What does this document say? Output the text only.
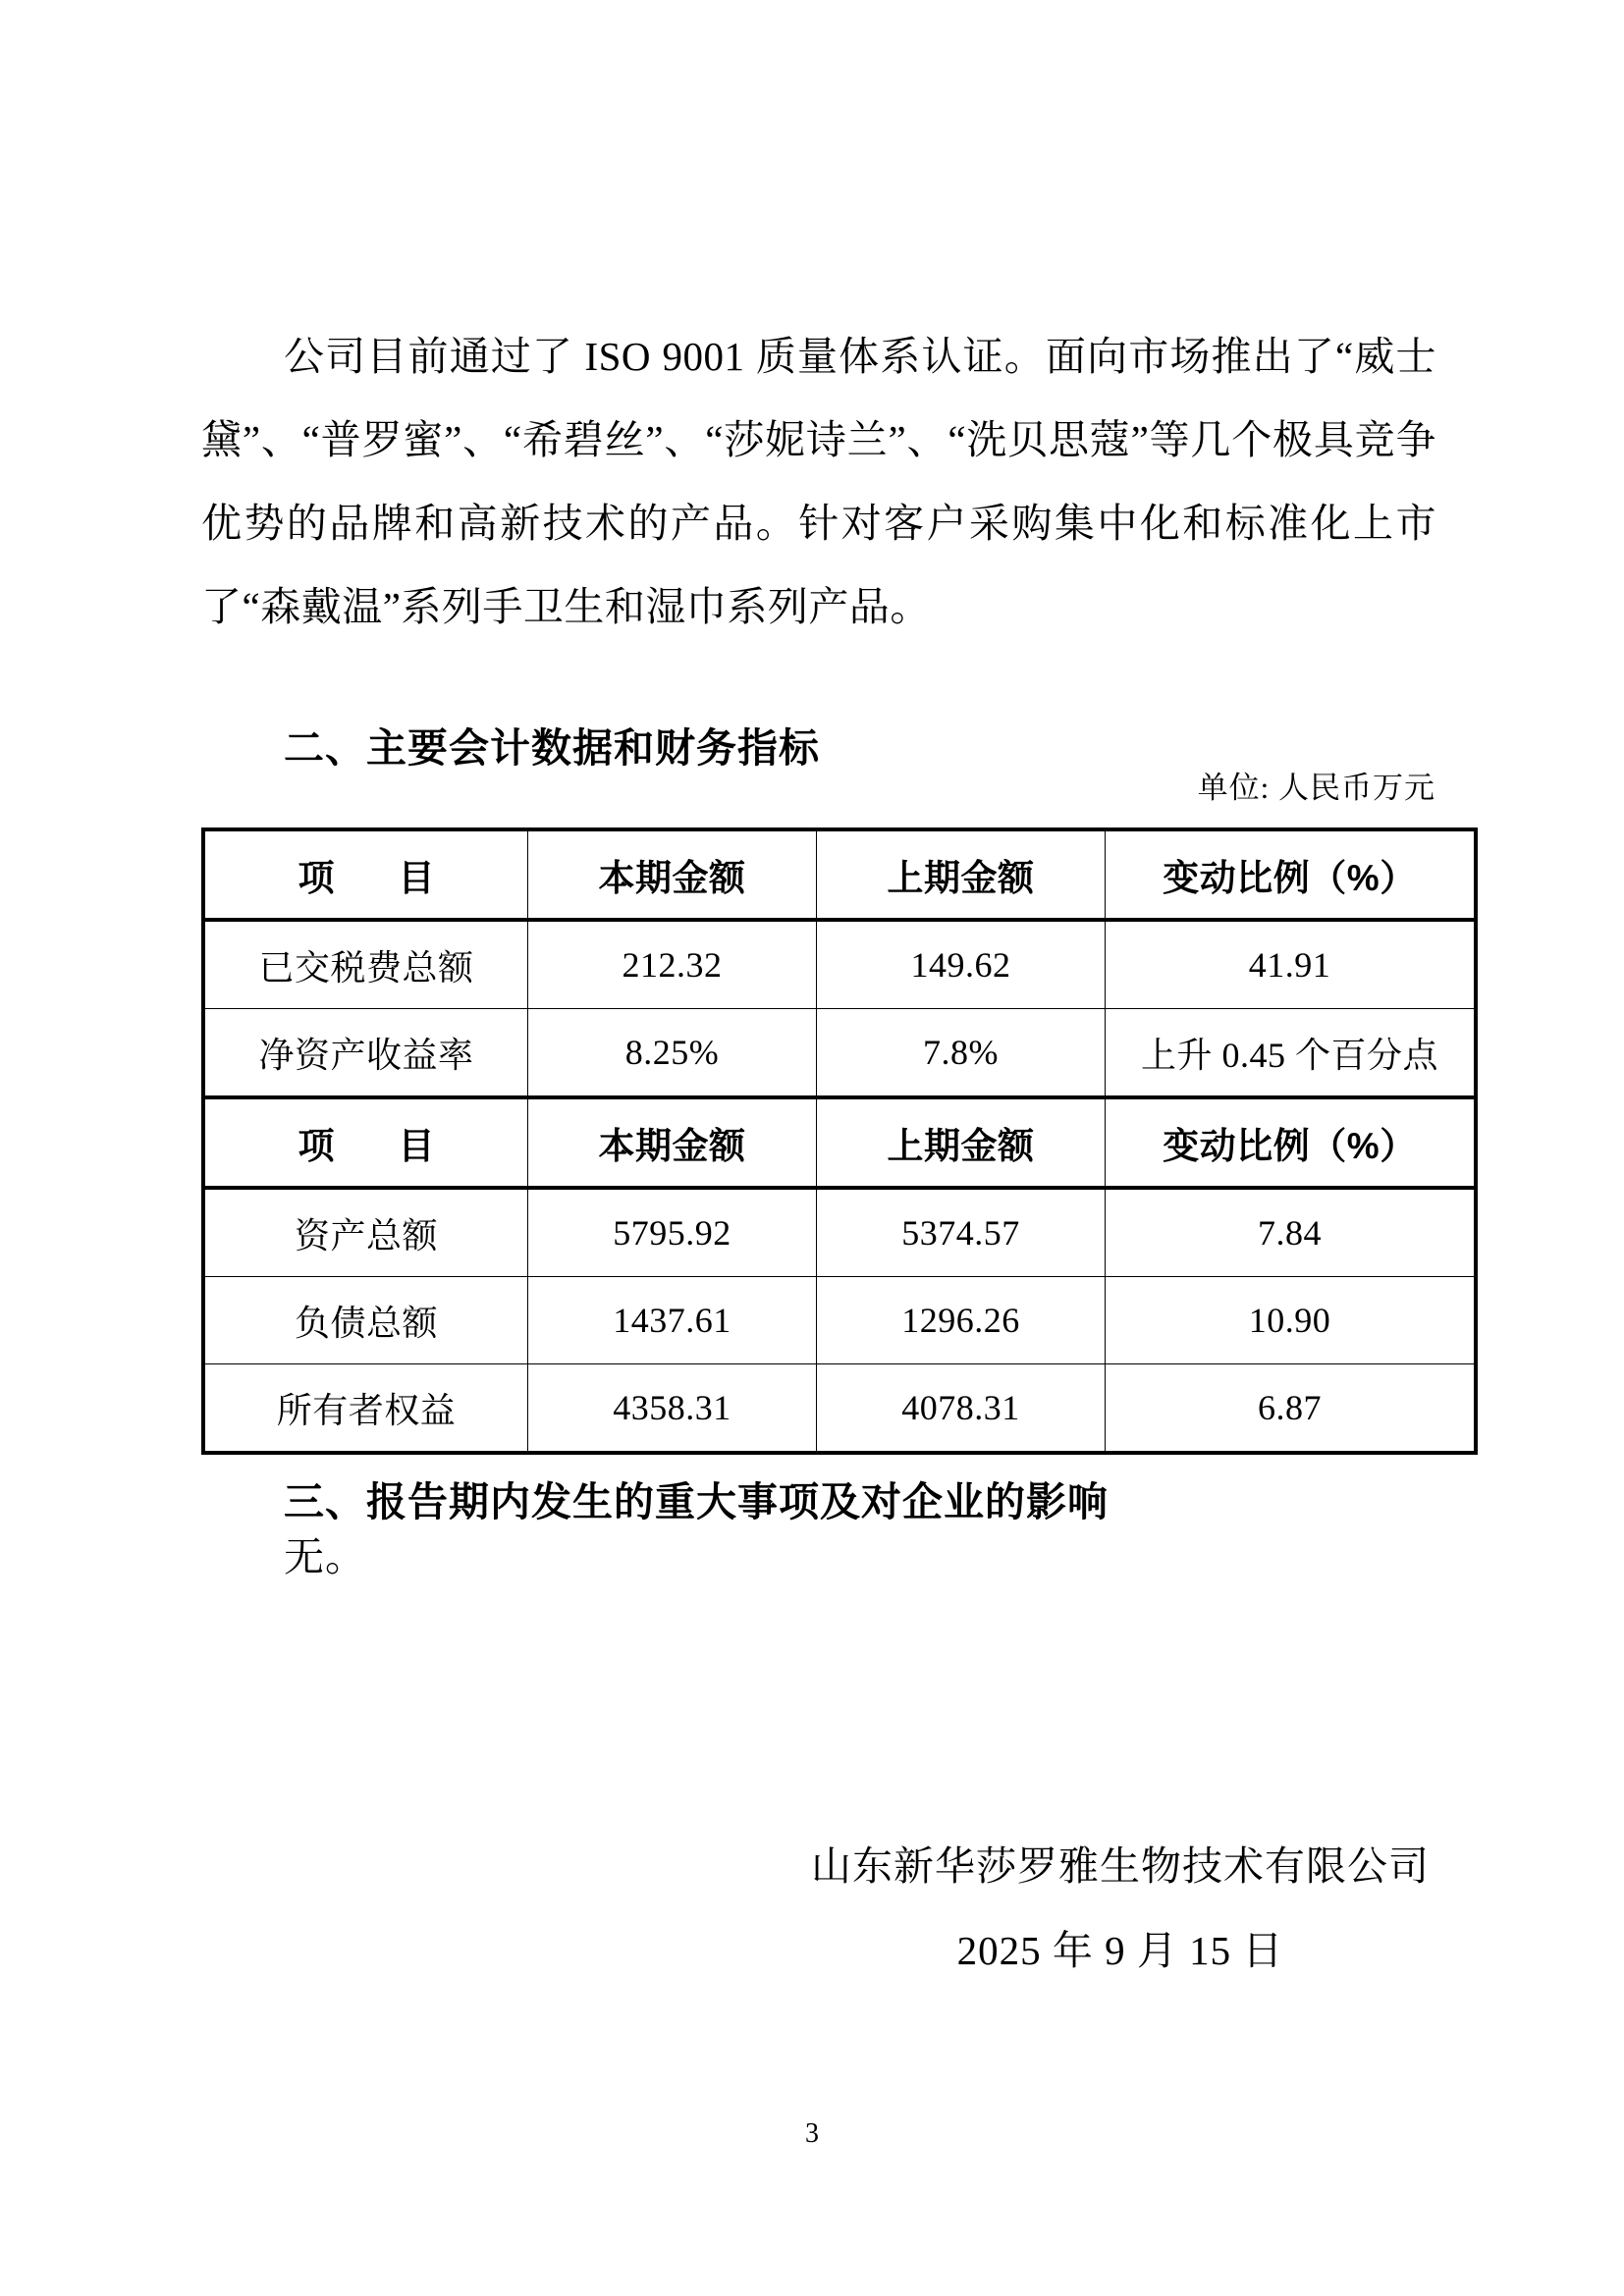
公司目前通过了 ISO 9001 质量体系认证。面向市场推出了“威士黛”、“普罗蜜”、“希碧丝”、“莎妮诗兰”、“洗贝思蔻”等几个极具竞争优势的品牌和高新技术的产品。针对客户采购集中化和标准化上市了“森戴温”系列手卫生和湿巾系列产品。

二、主要会计数据和财务指标
单位: 人民币万元
项　目	本期金额	上期金额	变动比例（%）
已交税费总额	212.32	149.62	41.91
净资产收益率	8.25%	7.8%	上升 0.45 个百分点
项　目	本期金额	上期金额	变动比例（%）
资产总额	5795.92	5374.57	7.84
负债总额	1437.61	1296.26	10.90
所有者权益	4358.31	4078.31	6.87
三、报告期内发生的重大事项及对企业的影响
无。
山东新华莎罗雅生物技术有限公司
2025 年 9 月 15 日
3
